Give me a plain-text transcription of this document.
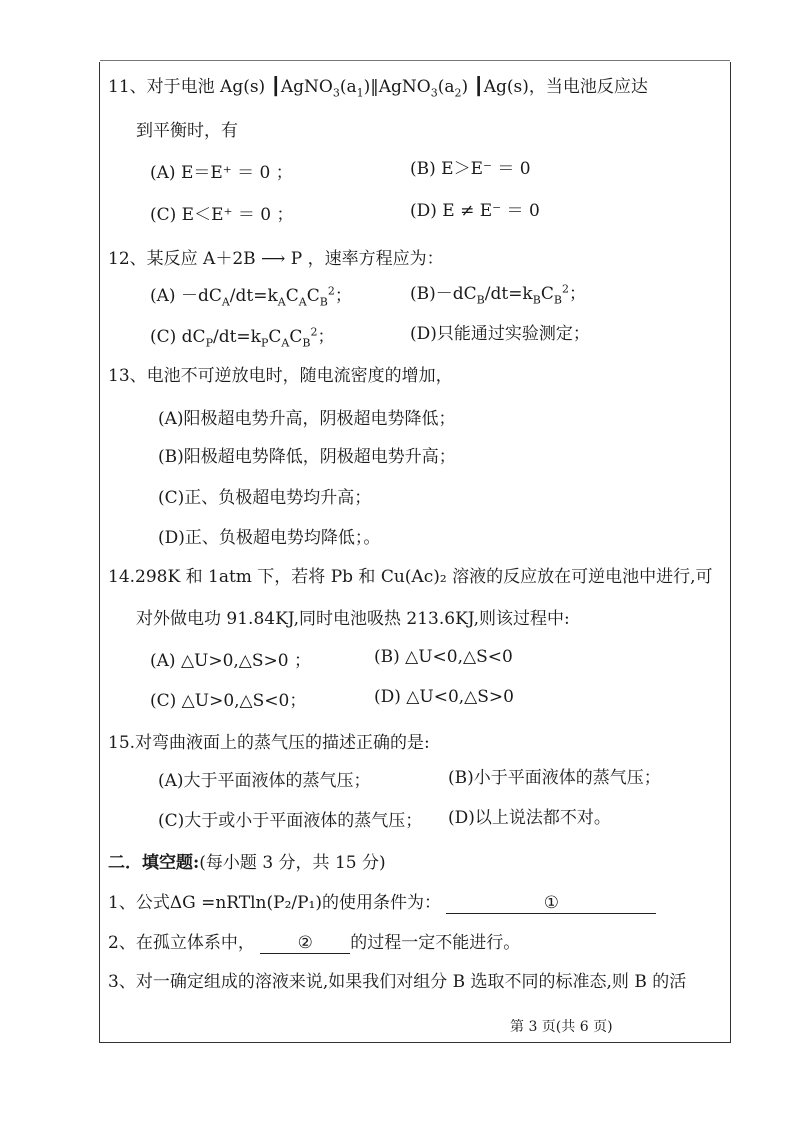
11、对于电池 Ag(s) $┃AgNO_3(a_1)‖AgNO_3(a_2)$ ┃Ag(s)，当电池反应达
到平衡时，有
(A) E＝E⁺ ＝ 0 ；	(B) E＞E⁻ ＝ 0
(C) E＜E⁺ ＝ 0 ；	(D) E ≠ E⁻ ＝ 0
12、某反应 A＋2B ⟶ P ，速率方程应为：
$(A) -dC_A/dt=k_AC_AC_B^2$；	$(B)-dC_B/dt=k_BC_B^2$；
(C) $dC_P/dt=k_PC_AC_B^2$；	(D)只能通过实验测定；
13、电池不可逆放电时，随电流密度的增加，
(A)阳极超电势升高，阴极超电势降低；
(B)阳极超电势降低，阴极超电势升高；
(C)正、负极超电势均升高；
(D)正、负极超电势均降低；。
14.298K 和 1atm 下，若将 Pb 和 Cu(Ac)₂ 溶液的反应放在可逆电池中进行,可
对外做电功 91.84KJ,同时电池吸热 213.6KJ,则该过程中:
(A) △U>0,△S>0 ；	(B) △U<0,△S<0
(C) △U>0,△S<0；	(D) △U<0,△S>0
15.对弯曲液面上的蒸气压的描述正确的是:
(A)大于平面液体的蒸气压；	(B)小于平面液体的蒸气压；
(C)大于或小于平面液体的蒸气压； (D)以上说法都不对。
二．填空题:(每小题 3 分，共 15 分)
1、公式ΔG =nRTln(P₂/P₁)的使用条件为：	①
2、在孤立体系中，	② 的过程一定不能进行。
3、对一确定组成的溶液来说,如果我们对组分 B 选取不同的标准态,则 B 的活
第 3 页(共 6 页)
